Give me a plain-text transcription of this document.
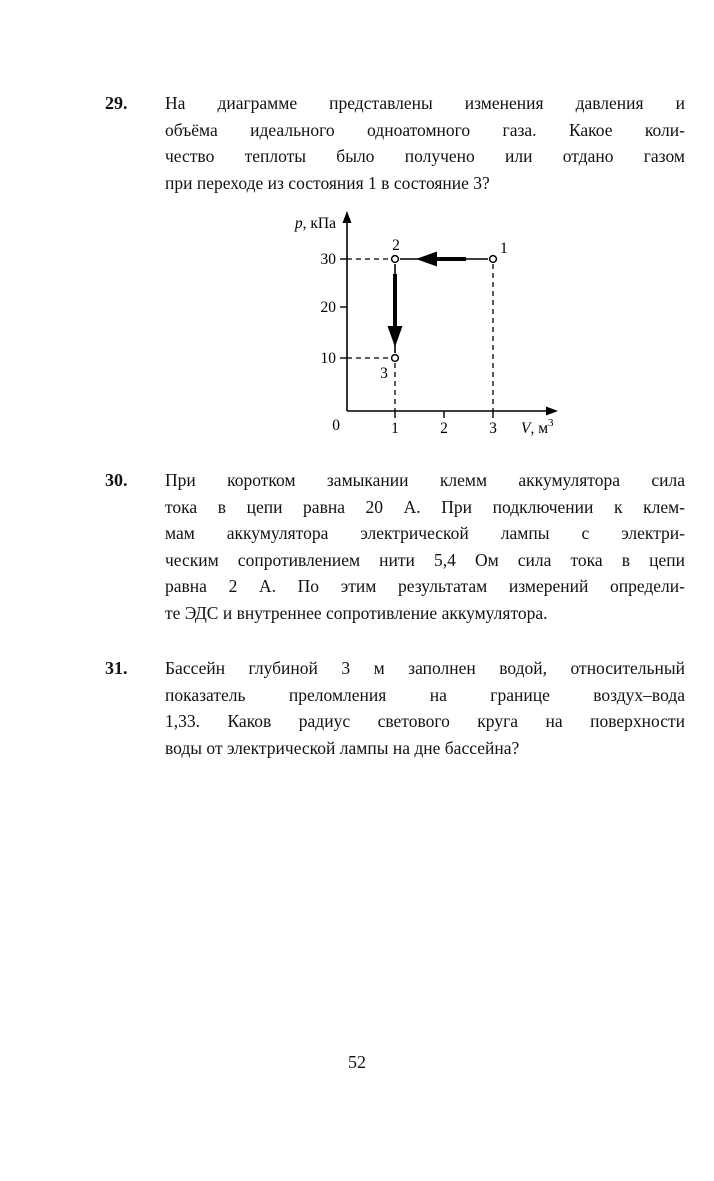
29.	На диаграмме представлены изменения давления и
объёма идеального одноатомного газа. Какое коли-
чество теплоты было получено или отдано газом
при переходе из состояния 1 в состояние 3?
1
2
3
30
20
10
1	2	3
0
p, кПа
V, $м^3$
30.	При коротком замыкании клемм аккумулятора сила
тока в цепи равна 20 А. При подключении к клем-
мам аккумулятора электрической лампы с электри-
ческим сопротивлением нити 5,4 Ом сила тока в цепи
равна 2 А. По этим результатам измерений определи-
те ЭДС и внутреннее сопротивление аккумулятора.
31.	Бассейн глубиной 3 м заполнен водой, относительный
показатель преломления на границе воздух–вода
1,33. Каков радиус светового круга на поверхности
воды от электрической лампы на дне бассейна?
52
